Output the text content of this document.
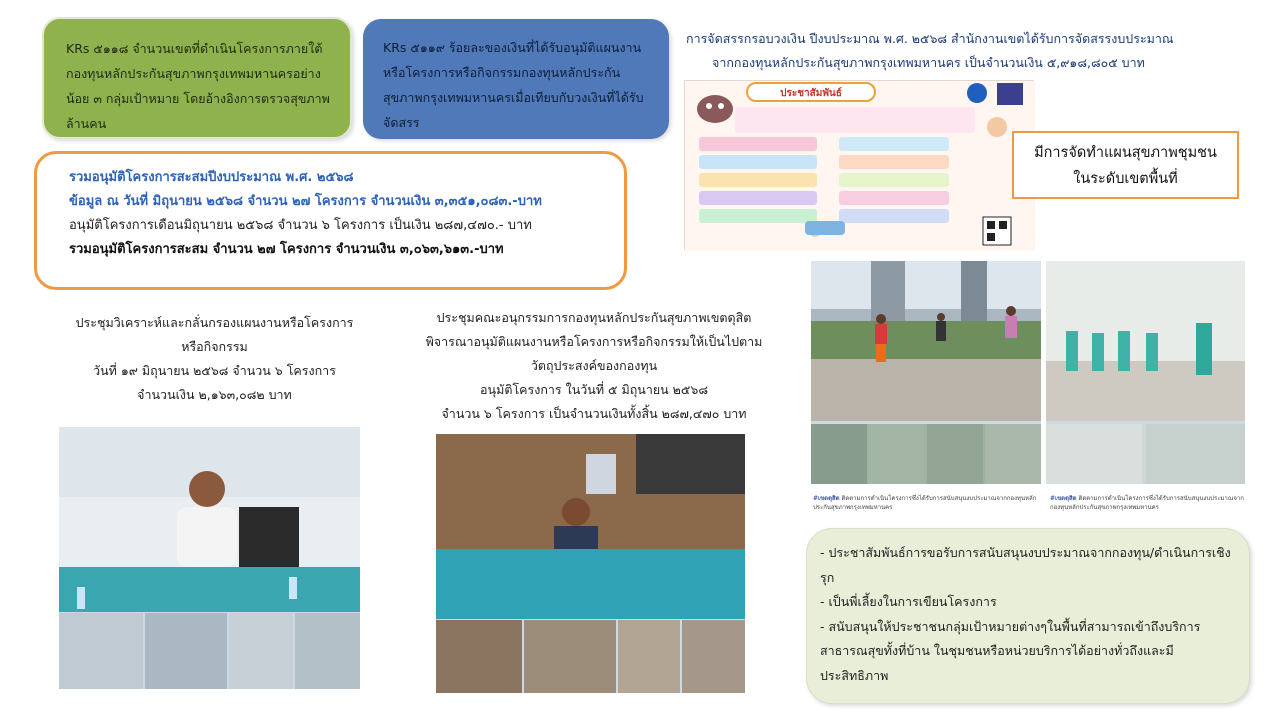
KRs ๕๑๑๘ จำนวนเขตที่ดำเนินโครงการภายใต้กองทุนหลักประกันสุขภาพกรุงเทพมหานครอย่างน้อย ๓ กลุ่มเป้าหมาย โดยอ้างอิงการตรวจสุขภาพล้านคน
KRs ๕๑๑๙ ร้อยละของเงินที่ได้รับอนุมัติแผนงานหรือโครงการหรือกิจกรรมกองทุนหลักประกันสุขภาพกรุงเทพมหานครเมื่อเทียบกับวงเงินที่ได้รับจัดสรร
การจัดสรรกรอบวงเงิน ปีงบประมาณ พ.ศ. ๒๕๖๘ สำนักงานเขตได้รับการจัดสรรงบประมาณ
จากกองทุนหลักประกันสุขภาพกรุงเทพมหานคร เป็นจำนวนเงิน ๕,๙๑๘,๘๐๕ บาท
ประชาสัมพันธ์
มีการจัดทำแผนสุขภาพชุมชน
ในระดับเขตพื้นที่
รวมอนุมัติโครงการสะสมปีงบประมาณ พ.ศ. ๒๕๖๘
ข้อมูล ณ วันที่ มิถุนายน ๒๕๖๘ จำนวน ๒๗ โครงการ จำนวนเงิน ๓,๓๕๑,๐๘๓.-บาท
อนุมัติโครงการเดือนมิถุนายน ๒๕๖๘ จำนวน ๖ โครงการ เป็นเงิน ๒๘๗,๔๗๐.- บาท
รวมอนุมัติโครงการสะสม จำนวน ๒๗ โครงการ จำนวนเงิน ๓,๐๖๓,๖๑๓.-บาท
#เขตดุสิต ติดตามการดำเนินโครงการซึ่งได้รับการสนับสนุนงบประมาณจากกองทุนหลักประกันสุขภาพกรุงเทพมหานคร
#เขตดุสิต ติดตามการดำเนินโครงการซึ่งได้รับการสนับสนุนงบประมาณจากกองทุนหลักประกันสุขภาพกรุงเทพมหานคร
ประชุมวิเคราะห์และกลั่นกรองแผนงานหรือโครงการ
หรือกิจกรรม
วันที่ ๑๙ มิถุนายน ๒๕๖๘ จำนวน ๖ โครงการ
จำนวนเงิน ๒,๑๖๓,๐๘๒ บาท
ประชุมคณะอนุกรรมการกองทุนหลักประกันสุขภาพเขตดุสิต
พิจารณาอนุมัติแผนงานหรือโครงการหรือกิจกรรมให้เป็นไปตาม
วัตถุประสงค์ของกองทุน
อนุมัติโครงการ ในวันที่ ๕ มิถุนายน ๒๕๖๘
จำนวน ๖ โครงการ เป็นจำนวนเงินทั้งสิ้น ๒๘๗,๔๗๐ บาท
- ประชาสัมพันธ์การขอรับการสนับสนุนงบประมาณจากกองทุน/ดำเนินการเชิงรุก
- เป็นพี่เลี้ยงในการเขียนโครงการ
- สนับสนุนให้ประชาชนกลุ่มเป้าหมายต่างๆในพื้นที่สามารถเข้าถึงบริการสาธารณสุขทั้งที่บ้าน ในชุมชนหรือหน่วยบริการได้อย่างทั่วถึงและมีประสิทธิภาพ
